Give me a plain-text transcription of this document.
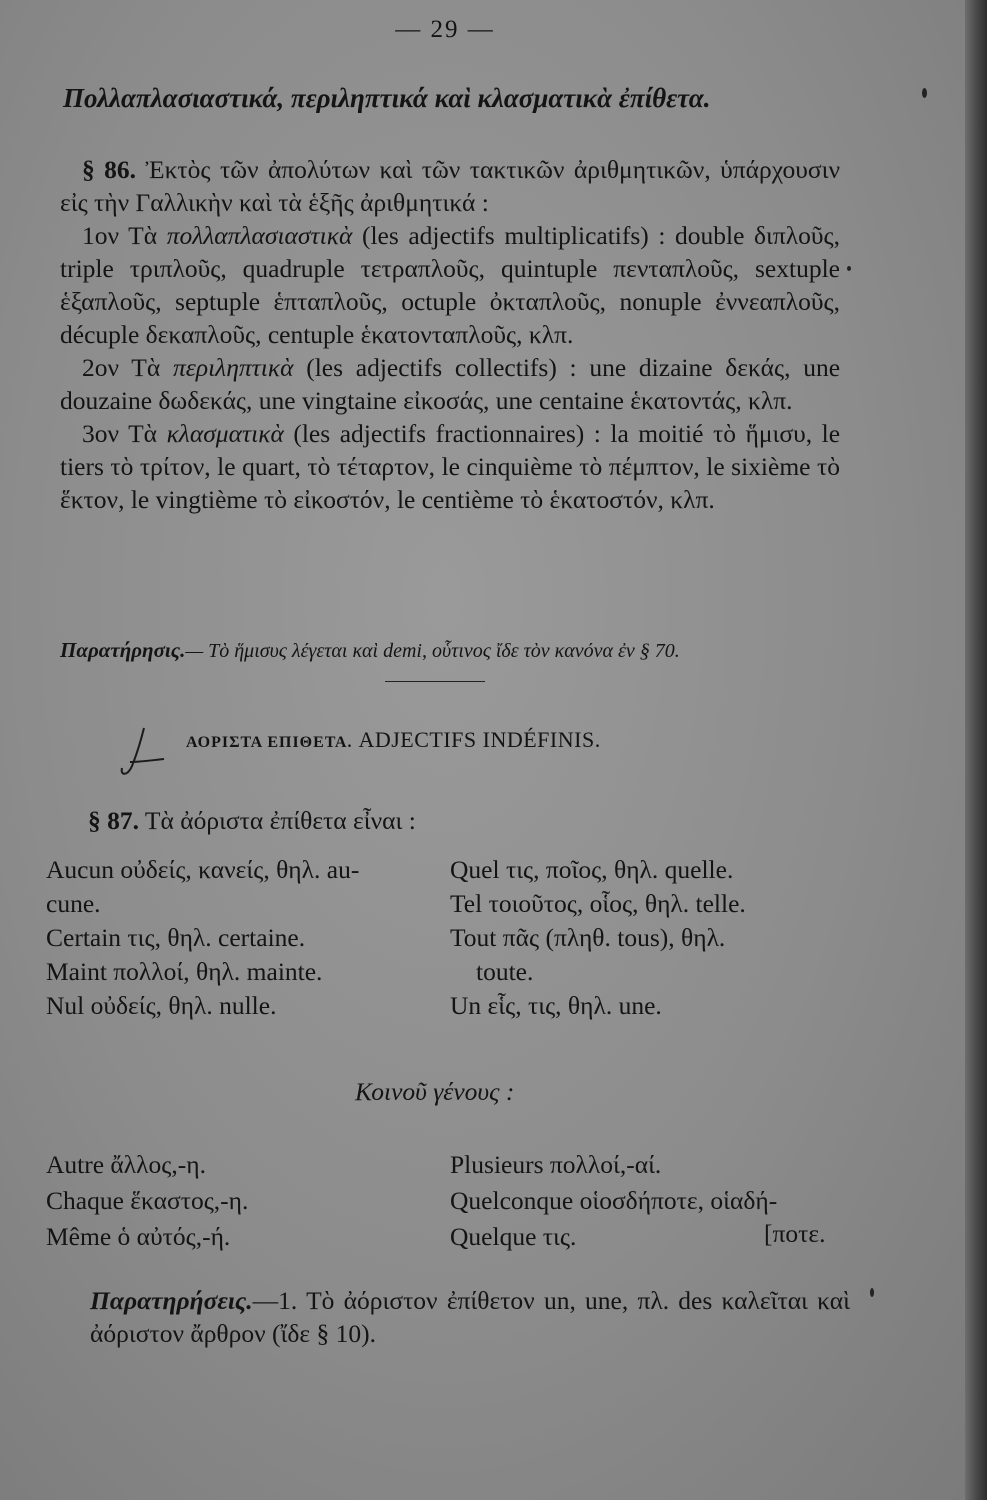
— 29 —
Πολλαπλασιαστικά, περιληπτικά καὶ κλασματικὰ ἐπίθετα.

§ 86. Ἐκτὸς τῶν ἀπολύτων καὶ τῶν τακτικῶν ἀριθμητικῶν, ὑπάρχουσιν εἰς τὴν Γαλλικὴν καὶ τὰ ἑξῆς ἀριθμητικά :

1ον Τὰ πολλαπλασιαστικὰ (les adjectifs multiplicatifs) : double διπλοῦς, triple τριπλοῦς, quadruple τετραπλοῦς, quintuple πενταπλοῦς, sextuple ἑξαπλοῦς, septuple ἑπταπλοῦς, octuple ὀκταπλοῦς, nonuple ἐννεαπλοῦς, décuple δεκαπλοῦς, centuple ἑκατονταπλοῦς, κλπ.

2ον Τὰ περιληπτικὰ (les adjectifs collectifs) : une dizaine δεκάς, une douzaine δωδεκάς, une vingtaine εἰκοσάς, une centaine ἑκατοντάς, κλπ.

3ον Τὰ κλασματικὰ (les adjectifs fractionnaires) : la moitié τὸ ἥμισυ, le tiers τὸ τρίτον, le quart, τὸ τέταρτον, le cinquième τὸ πέμπτον, le sixième τὸ ἕκτον, le vingtième τὸ εἰκοστόν, le centième τὸ ἑκατοστόν, κλπ.

Παρατήρησις.— Τὸ ἥμισυς λέγεται καὶ demi, οὗτινος ἴδε τὸν κανόνα ἐν § 70.
ΑΟΡΙΣΤΑ ΕΠΙΘΕΤΑ. ADJECTIFS INDÉFINIS.
§ 87. Τὰ ἀόριστα ἐπίθετα εἶναι :
Aucun οὐδείς, κανείς, θηλ. au-
cune.
Certain τις, θηλ. certaine.
Maint πολλοί, θηλ. mainte.
Nul οὐδείς, θηλ. nulle.
Quel τις, ποῖος, θηλ. quelle.
Tel τοιοῦτος, οἷος, θηλ. telle.
Tout πᾶς (πληθ. tous), θηλ.
toute.
Un εἷς, τις, θηλ. une.
Κοινοῦ γένους :
Autre ἄλλος,-η.
Chaque ἕκαστος,-η.
Même ὁ αὐτός,-ή.
Plusieurs πολλοί,-αί.
Quelconque οἱοσδήποτε, οἱαδή-
Quelque τις.	[ποτε.

Παρατηρήσεις.—1. Τὸ ἀόριστον ἐπίθετον un, une, πλ. des καλεῖται καὶ ἀόριστον ἄρθρον (ἴδε § 10).
